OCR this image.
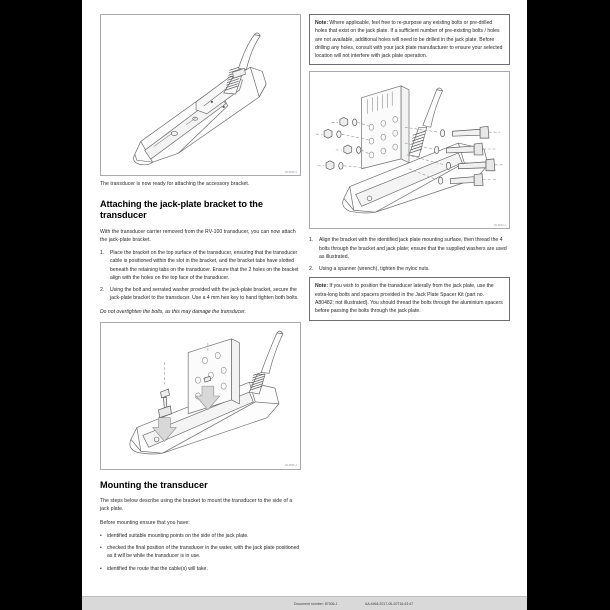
D13525-1

The transducer is now ready for attaching the accessory bracket.

Attaching the jack-plate bracket to the transducer

With the transducer carrier removed from the RV-100 transducer, you can now attach the jack-plate bracket.

1.	Place the bracket on the top surface of the transducer, ensuring that the transducer cable is positioned within the slot in the bracket, and the bracket tabs have slotted beneath the retaining tabs on the transducer. Ensure that the 2 holes on the bracket align with the holes on the top face of the transducer.
2.	Using the bolt and serrated washer provided with the jack-plate bracket, secure the jack-plate bracket to the transducer. Use a 4 mm hex key to hand tighten both bolts.

Do not overtighten the bolts, as this may damage the transducer.

D13565-1
Mounting the transducer

The steps below describe using the bracket to mount the transducer to the side of a jack plate.

Before mounting ensure that you have:

•	identified suitable mounting points on the side of the jack plate.
•	checked the final position of the transducer in the water, with the jack plate positioned as it will be while the transducer is in use.
•	identified the route that the cable(s) will take.

Note: Where applicable, feel free to re-purpose any existing bolts or pre-drilled holes that exist on the jack plate. If a sufficient number of pre-existing bolts / holes are not available, additional holes will need to be drilled in the jack plate. Before drilling any holes, consult with your jack plate manufacturer to ensure your selected location will not interfere with jack plate operation.

D13623-1
1.	Align the bracket with the identified jack plate mounting surface, then thread the 4 bolts through the bracket and jack plate; ensure that the supplied washers are used as illustrated.
2.	Using a spanner (wrench), tighten the nyloc nuts.

Note: If you wish to position the transducer laterally from the jack plate, use the extra-long bolts and spacers provided in the Jack Plate Spacer Kit (part no. A80482; not illustrated). You should thread the bolts through the aluminium spacers before passing the bolts through the jack plate.

Document number: 87306-1	AA:4464:2017-06-20T16:43:47
